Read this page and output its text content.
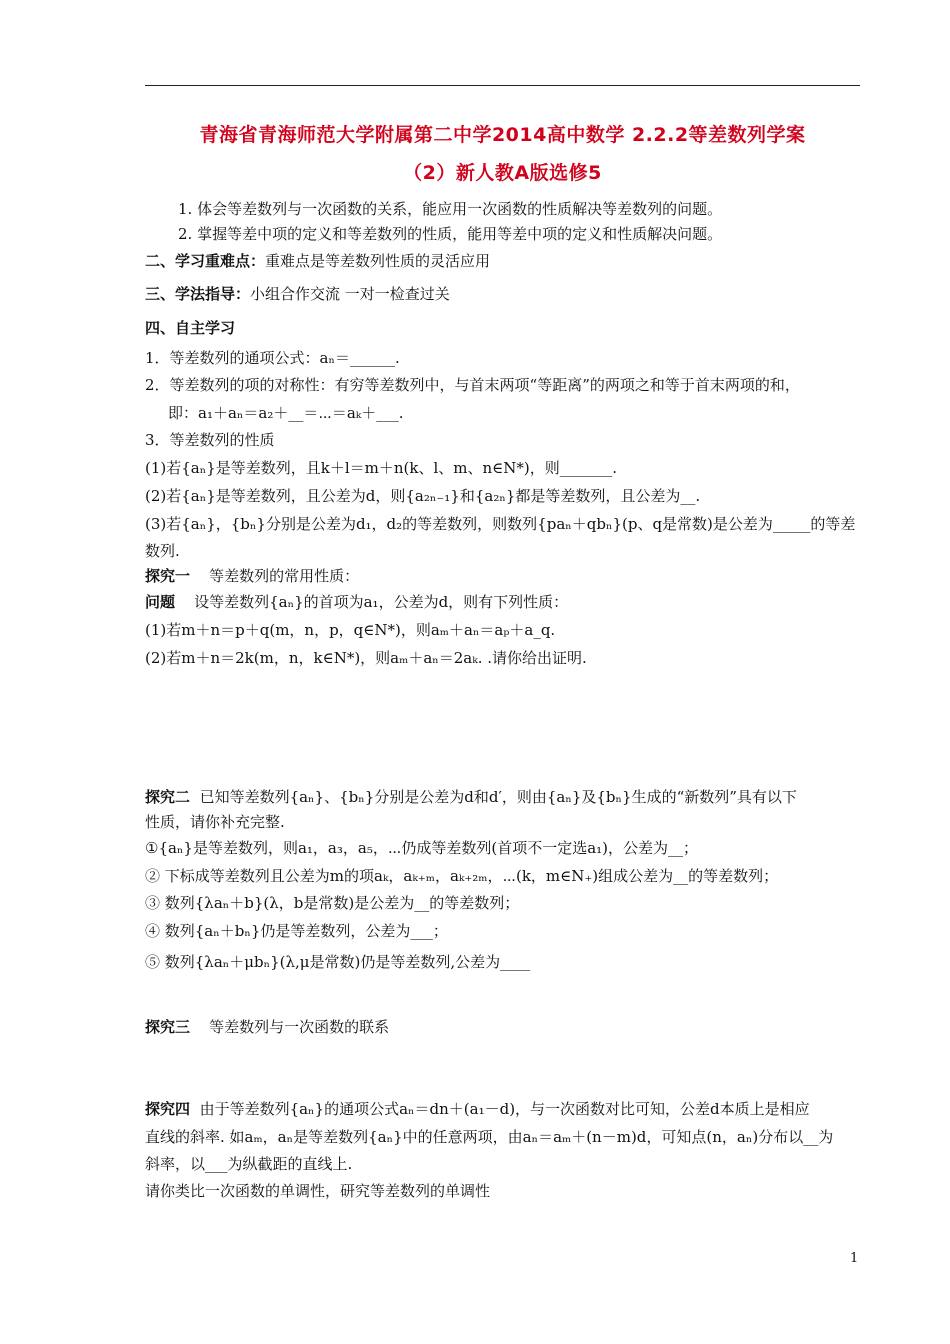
青海省青海师范大学附属第二中学2014高中数学 2.2.2等差数列学案
（2）新人教A版选修5
1. 体会等差数列与一次函数的关系，能应用一次函数的性质解决等差数列的问题。
2. 掌握等差中项的定义和等差数列的性质，能用等差中项的定义和性质解决问题。
二、学习重难点：重难点是等差数列性质的灵活应用
三、学法指导：小组合作交流 一对一检查过关
四、自主学习
1．等差数列的通项公式：aₙ＝______.
2．等差数列的项的对称性：有穷等差数列中，与首末两项“等距离”的两项之和等于首末两项的和，
即：a₁＋aₙ＝a₂＋__＝⋯＝aₖ＋___.
3．等差数列的性质
(1)若{aₙ}是等差数列，且k＋l＝m＋n(k、l、m、n∈N*)，则_______.
(2)若{aₙ}是等差数列，且公差为d，则{a₂ₙ₋₁}和{a₂ₙ}都是等差数列，且公差为__.
(3)若{aₙ}，{bₙ}分别是公差为d₁，d₂的等差数列，则数列{paₙ＋qbₙ}(p、q是常数)是公差为_____的等差
数列.
探究一 等差数列的常用性质：
问题 设等差数列{aₙ}的首项为a₁，公差为d，则有下列性质：
(1)若m＋n＝p＋q(m，n，p，q∈N*)，则aₘ＋aₙ＝aₚ＋a_q.
(2)若m＋n＝2k(m，n，k∈N*)，则aₘ＋aₙ＝2aₖ. .请你给出证明.
探究二 已知等差数列{aₙ}、{bₙ}分别是公差为d和d′，则由{aₙ}及{bₙ}生成的“新数列”具有以下
性质，请你补充完整.
①{aₙ}是等差数列，则a₁，a₃，a₅，⋯仍成等差数列(首项不一定选a₁)，公差为__；
② 下标成等差数列且公差为m的项aₖ，aₖ₊ₘ，aₖ₊₂ₘ，⋯(k，m∈N₊)组成公差为__的等差数列；
③ 数列{λaₙ＋b}(λ，b是常数)是公差为__的等差数列；
④ 数列{aₙ＋bₙ}仍是等差数列，公差为___；
⑤ 数列{λaₙ＋μbₙ}(λ,μ是常数)仍是等差数列,公差为____
探究三 等差数列与一次函数的联系
探究四 由于等差数列{aₙ}的通项公式aₙ＝dn＋(a₁－d)，与一次函数对比可知，公差d本质上是相应
直线的斜率. 如aₘ，aₙ是等差数列{aₙ}中的任意两项，由aₙ＝aₘ＋(n－m)d，可知点(n，aₙ)分布以__为
斜率，以___为纵截距的直线上.
请你类比一次函数的单调性，研究等差数列的单调性
1
